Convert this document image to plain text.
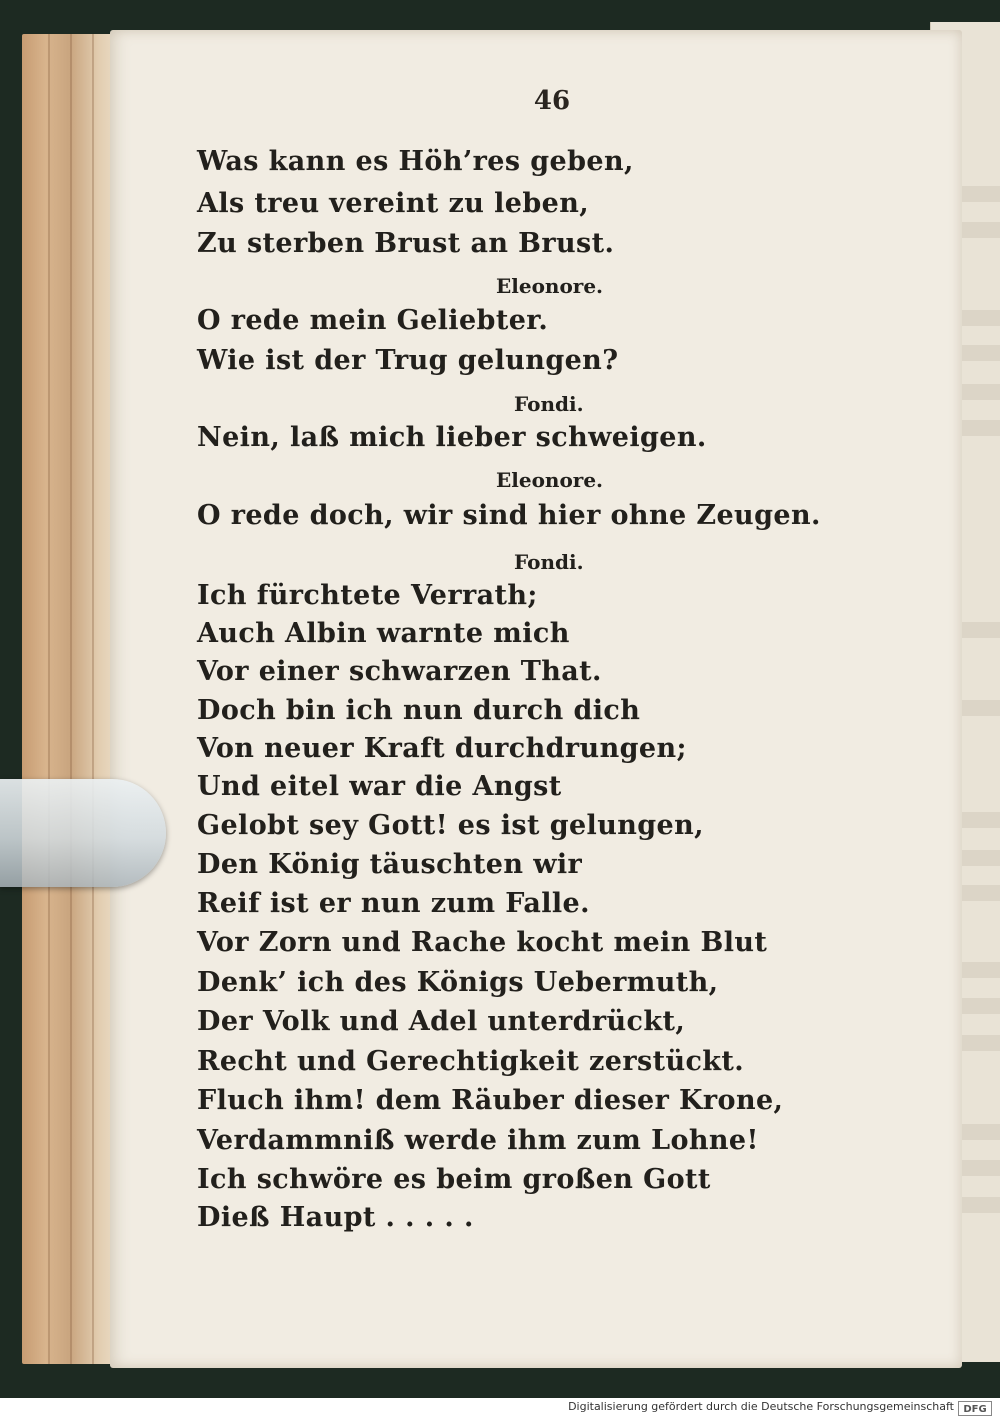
46
Was kann es Höh’res geben,
Als treu vereint zu leben,
Zu sterben Brust an Brust.
Eleonore.
O rede mein Geliebter.
Wie ist der Trug gelungen?
Fondi.
Nein, laß mich lieber schweigen.
Eleonore.
O rede doch, wir sind hier ohne Zeugen.
Fondi.
Ich fürchtete Verrath;
Auch Albin warnte mich
Vor einer schwarzen That.
Doch bin ich nun durch dich
Von neuer Kraft durchdrungen;
Und eitel war die Angst
Gelobt sey Gott! es ist gelungen,
Den König täuschten wir
Reif ist er nun zum Falle.
Vor Zorn und Rache kocht mein Blut
Denk’ ich des Königs Uebermuth,
Der Volk und Adel unterdrückt,
Recht und Gerechtigkeit zerstückt.
Fluch ihm! dem Räuber dieser Krone,
Verdammniß werde ihm zum Lohne!
Ich schwöre es beim großen Gott
Dieß Haupt . . . . .
Digitalisierung gefördert durch die Deutsche Forschungsgemeinschaft DFG
